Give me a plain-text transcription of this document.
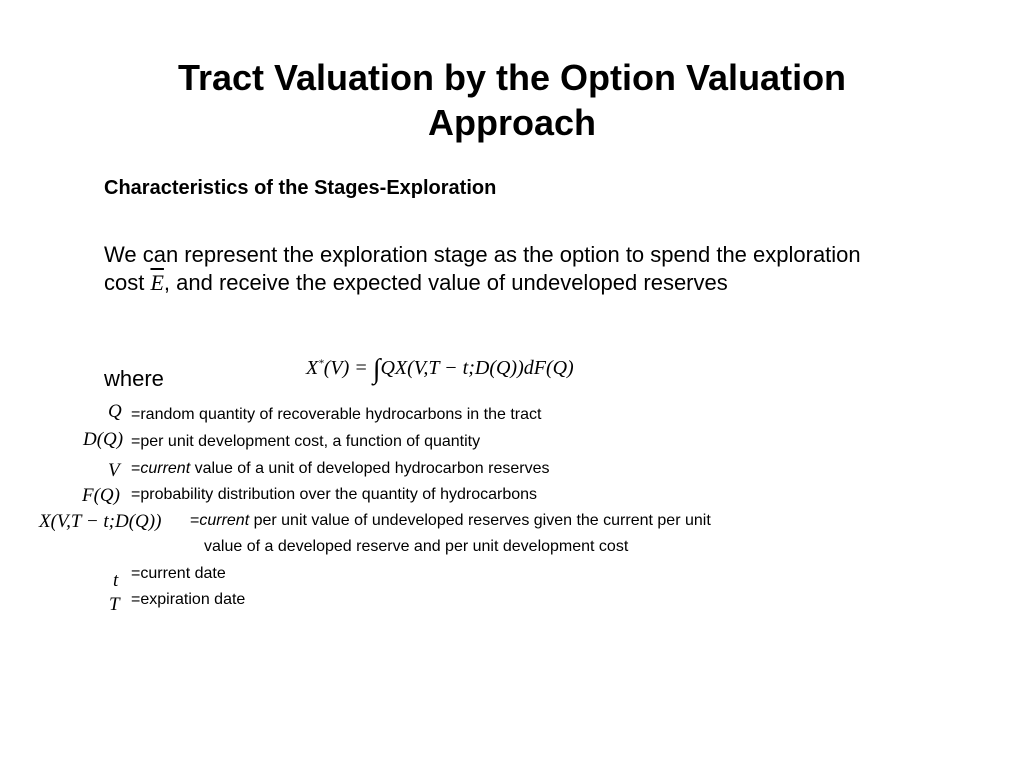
Tract Valuation by the Option Valuation Approach
Characteristics of the Stages-Exploration
We can represent the exploration stage as the option to spend the exploration cost $\overline{E}$, and receive the expected value of undeveloped reserves
where	X*(V) = ∫QX(V,T − t;D(Q))dF(Q)
Q =random quantity of recoverable hydrocarbons in the tract
D(Q) =per unit development cost, a function of quantity
V =current value of a unit of developed hydrocarbon reserves
F(Q) =probability distribution over the quantity of hydrocarbons
X(V,T − t;D(Q)) =current per unit value of undeveloped reserves given the current per unit
value of a developed reserve and per unit development cost
t =current date
T =expiration date
